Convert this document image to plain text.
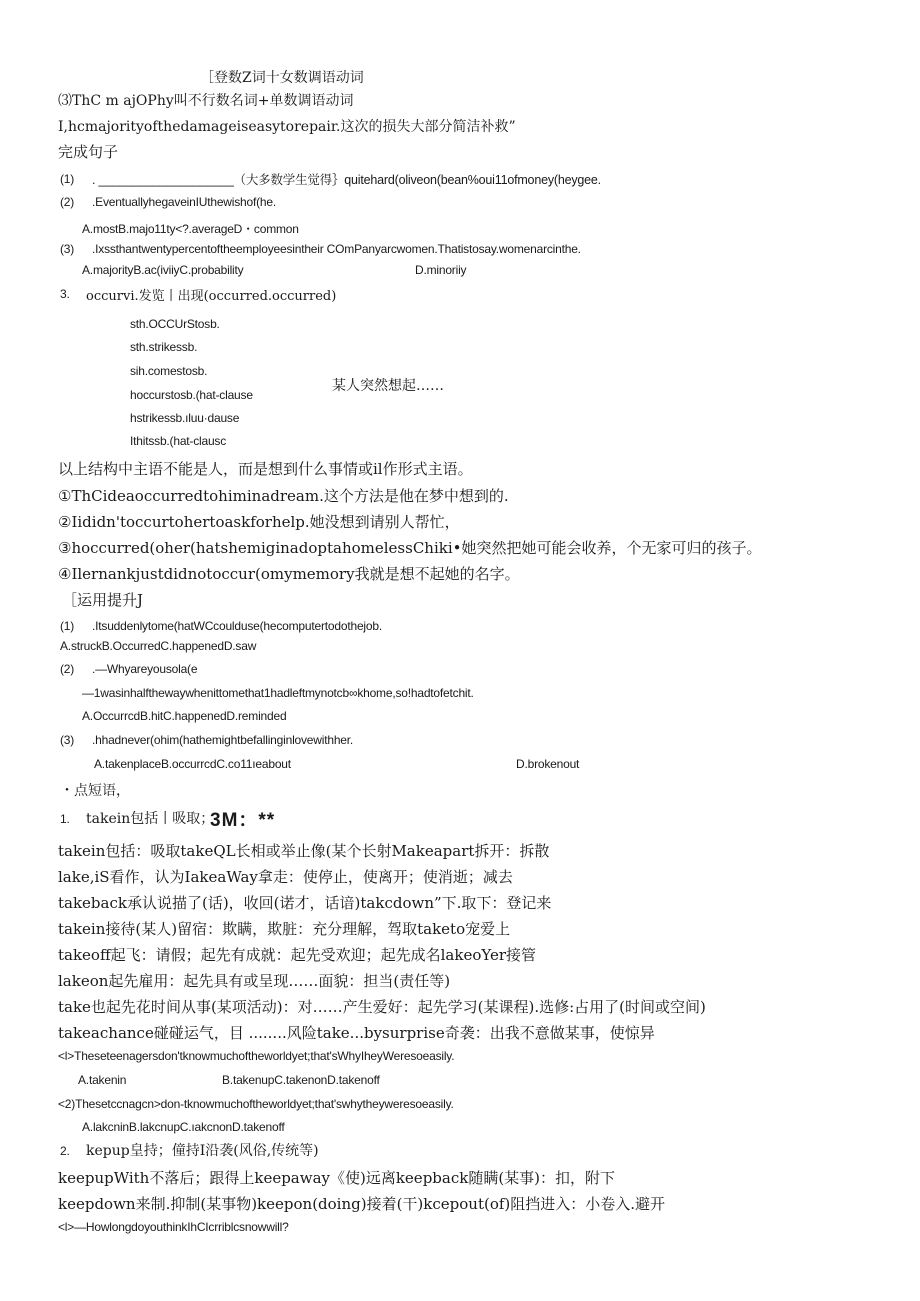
［登数Z词十女数调语动词
⑶ThC m ajOPhy叫不行数名词+单数调语动词
I,hcmajorityofthedamageiseasytorepair.这次的损失大部分简洁补救”
完成句子
(1) . ____________________（大多数学生觉得｝quitehard(oliveon(bean%oui11ofmoney(heygee.
(2) .EventuallyhegaveinIUthewishof(he.
A.mostB.majo11ty<?.averageD・common
(3) .Ixssthantwentypercentoftheemployeesintheir COmPanyarcwomen.Thatistosay.womenarcinthe.
A.majorityB.ac(iviiyC.probability	D.minoriiy
3. occurvi.发览丨出现(occurred.occurred)
sth.OCCUrStosb.
sth.strikessb.
sih.comestosb.
hoccurstosb.(hat-clause
某人突然想起……
hstrikessb.ıluu·dause
Ithitssb.(hat-clausc
以上结构中主语不能是人，而是想到什么事情或il作形式主语。
①ThCideaoccurredtohiminadream.这个方法是他在梦中想到的.
②Iididn'toccurtohertoaskforhelp.她没想到请别人帮忙，
③hoccurred(oher(hatshemiginadoptahomelessChiki•她突然把她可能会收养，个无家可归的孩子。
④Ilernankjustdidnotoccur(omymemory我就是想不起她的名字。
［运用提升J
(1) .Itsuddenlytome(hatWCcoulduse(hecomputertodothejob.
A.struckB.OccurredC.happenedD.saw
(2) .—Whyareyousola(e
—1wasinhalfthewaywhenittomethat1hadleftmynotcb∞khome,so!hadtofetchit.
A.OccurrcdB.hitC.happenedD.reminded
(3) .hhadnever(ohim(hathemightbefallinginlovewithher.
A.takenplaceB.occurrcdC.co11ıeabout	D.brokenout
・点短语，
1. takein包括丨吸取；
3M：**
takein包括：吸取takeQL长相或举止像(某个长射Makeapart拆开：拆散
lake,iS看作，认为IakeaWay拿走：使停止，使离开；使消逝；减去
takeback承认说描了(话)，收回(诺才，话谙)takcdown”下.取下：登记来
takein接待(某人)留宿：欺瞒，欺脏：充分理解，驾取taketo宠爱上
takeoff起飞：请假；起先有成就：起先受欢迎；起先成名lakeoYer接管
lakeon起先雇用：起先具有或呈现……面貌：担当(责任等)
take也起先花时间从事(某项活动)：对……产生爱好：起先学习(某课程).选修:占用了(时间或空间)
takeachance碰碰运气，目 ........风险take...bysurprise奇袭：出我不意做某事，使惊异
<l>Theseteenagersdon'tknowmuchoftheworldyet;that'sWhyIheyWeresoeasily.
A.takenin	B.takenupC.takenonD.takenoff
<2)Thesetccnagcn>don-tknowmuchoftheworldyet;that'swhytheyweresoeasily.
A.lakcninB.lakcnupC.ıakcnonD.takenoff
2. kepup皇持；僮持I沿袭(风俗,传统等)
keepupWith不落后；跟得上keepaway《使)远离keepback随瞒(某事)：扣，附下
keepdown来制.抑制(某事物)keepon(doing)接着(干)kcepout(of)阻挡进入：小卷入.避开
<l>—HowlongdoyouthinkIhCIcrriblcsnowwill?
